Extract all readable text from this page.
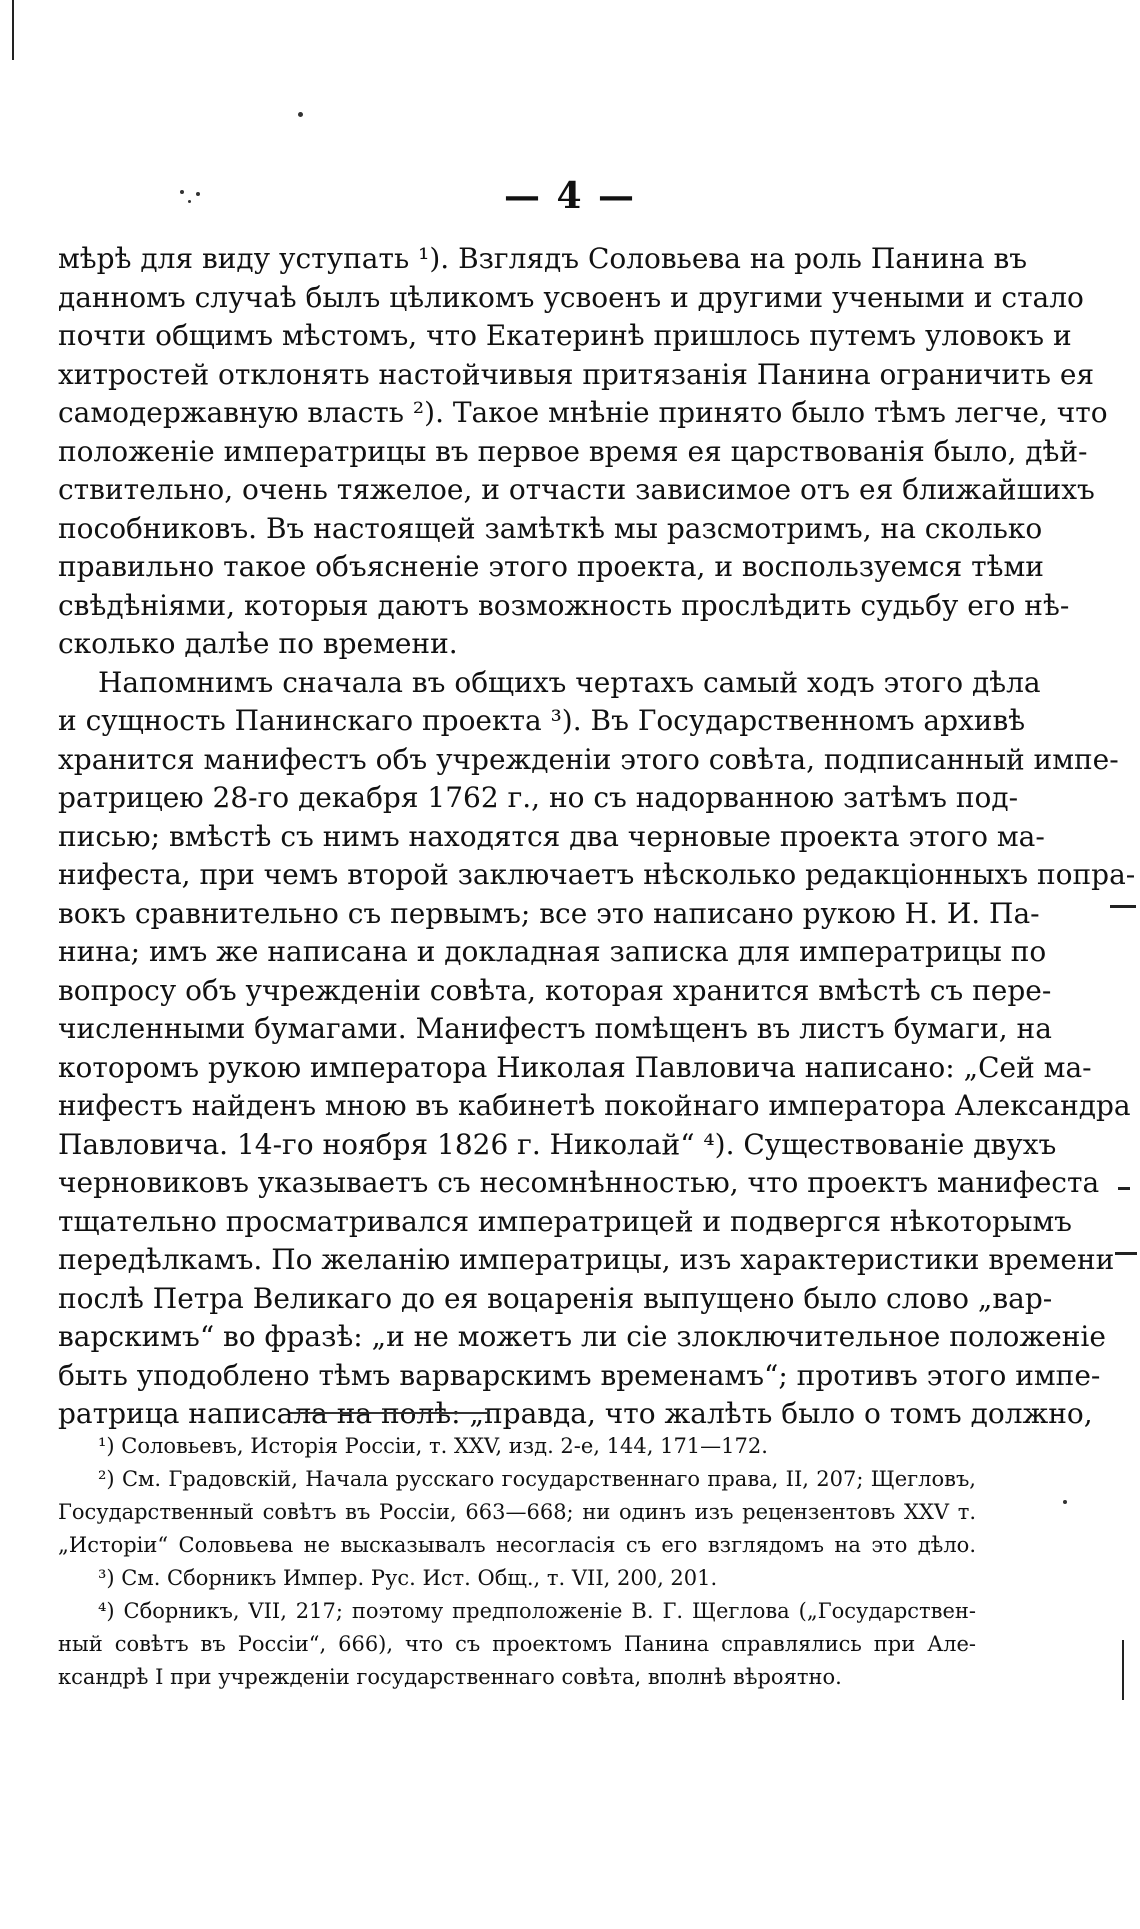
— 4 —
мѣрѣ для виду уступать ¹). Взглядъ Соловьева на роль Панина въ
данномъ случаѣ былъ цѣликомъ усвоенъ и другими учеными и стало
почти общимъ мѣстомъ, что Екатеринѣ пришлось путемъ уловокъ и
хитростей отклонять настойчивыя притязанія Панина ограничить ея
самодержавную власть ²). Такое мнѣніе принято было тѣмъ легче, что
положеніе императрицы въ первое время ея царствованія было, дѣй-
ствительно, очень тяжелое, и отчасти зависимое отъ ея ближайшихъ
пособниковъ. Въ настоящей замѣткѣ мы разсмотримъ, на сколько
правильно такое объясненіе этого проекта, и воспользуемся тѣми
свѣдѣніями, которыя даютъ возможность прослѣдить судьбу его нѣ-
сколько далѣе по времени.
Напомнимъ сначала въ общихъ чертахъ самый ходъ этого дѣла
и сущность Панинскаго проекта ³). Въ Государственномъ архивѣ
хранится манифестъ объ учрежденіи этого совѣта, подписанный импе-
ратрицею 28-го декабря 1762 г., но съ надорванною затѣмъ под-
писью; вмѣстѣ съ нимъ находятся два черновые проекта этого ма-
нифеста, при чемъ второй заключаетъ нѣсколько редакціонныхъ попра-
вокъ сравнительно съ первымъ; все это написано рукою Н. И. Па-
нина; имъ же написана и докладная записка для императрицы по
вопросу объ учрежденіи совѣта, которая хранится вмѣстѣ съ пере-
численными бумагами. Манифестъ помѣщенъ въ листъ бумаги, на
которомъ рукою императора Николая Павловича написано: „Сей ма-
нифестъ найденъ мною въ кабинетѣ покойнаго императора Александра
Павловича. 14-го ноября 1826 г. Николай“ ⁴). Существованіе двухъ
черновиковъ указываетъ съ несомнѣнностью, что проектъ манифеста
тщательно просматривался императрицей и подвергся нѣкоторымъ
передѣлкамъ. По желанію императрицы, изъ характеристики времени
послѣ Петра Великаго до ея воцаренія выпущено было слово „вар-
варскимъ“ во фразѣ: „и не можетъ ли сіе злоключительное положеніе
быть уподоблено тѣмъ варварскимъ временамъ“; противъ этого импе-
ратрица написала на полѣ: „правда, что жалѣть было о томъ должно,
¹) Соловьевъ, Исторія Россіи, т. XXV, изд. 2-е, 144, 171—172.
²) См. Градовскій, Начала русскаго государственнаго права, II, 207; Щегловъ,
Государственный совѣтъ въ Россіи, 663—668; ни одинъ изъ рецензентовъ XXV т.
„Исторіи“ Соловьева не высказывалъ несогласія съ его взглядомъ на это дѣло.
³) См. Сборникъ Импер. Рус. Ист. Общ., т. VII, 200, 201.
⁴) Сборникъ, VII, 217; поэтому предположеніе В. Г. Щеглова („Государствен-
ный совѣтъ въ Россіи“, 666), что съ проектомъ Панина справлялись при Але-
ксандрѣ I при учрежденіи государственнаго совѣта, вполнѣ вѣроятно.
